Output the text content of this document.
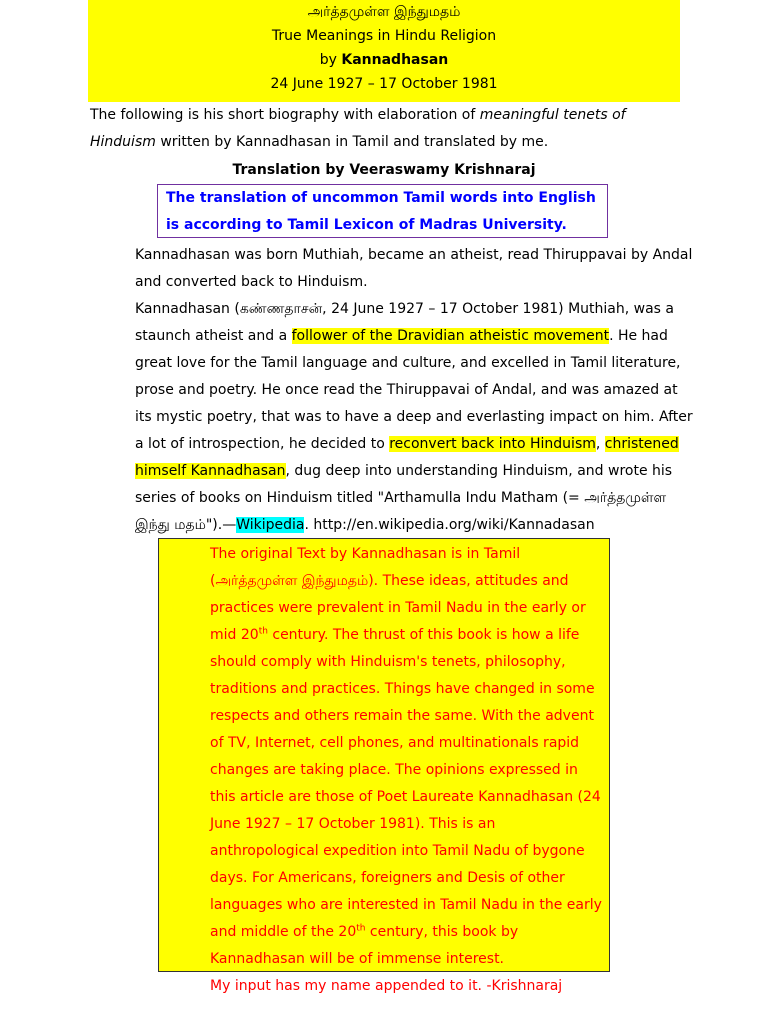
அர்த்தமுள்ள இந்துமதம்
True Meanings in Hindu Religion
by Kannadhasan
24 June 1927 – 17 October 1981
The following is his short biography with elaboration of meaningful tenets of Hinduism written by Kannadhasan in Tamil and translated by me.
Translation by Veeraswamy Krishnaraj
The translation of uncommon Tamil words into English is according to Tamil Lexicon of Madras University.
Kannadhasan was born Muthiah, became an atheist, read Thiruppavai by Andal and converted back to Hinduism.
Kannadhasan (கண்ணதாசன், 24 June 1927 – 17 October 1981) Muthiah, was a staunch atheist and a follower of the Dravidian atheistic movement. He had great love for the Tamil language and culture, and excelled in Tamil literature, prose and poetry. He once read the Thiruppavai of Andal, and was amazed at its mystic poetry, that was to have a deep and everlasting impact on him. After a lot of introspection, he decided to reconvert back into Hinduism, christened himself Kannadhasan, dug deep into understanding Hinduism, and wrote his series of books on Hinduism titled "Arthamulla Indu Matham (= அர்த்தமுள்ள இந்து மதம்").—Wikipedia. http://en.wikipedia.org/wiki/Kannadasan
The original Text by Kannadhasan is in Tamil (அர்த்தமுள்ள இந்துமதம்). These ideas, attitudes and practices were prevalent in Tamil Nadu in the early or mid 20th century. The thrust of this book is how a life should comply with Hinduism's tenets, philosophy, traditions and practices. Things have changed in some respects and others remain the same. With the advent of TV, Internet, cell phones, and multinationals rapid changes are taking place. The opinions expressed in this article are those of Poet Laureate Kannadhasan (24 June 1927 – 17 October 1981). This is an anthropological expedition into Tamil Nadu of bygone days. For Americans, foreigners and Desis of other languages who are interested in Tamil Nadu in the early and middle of the 20th century, this book by Kannadhasan will be of immense interest.
My input has my name appended to it. -Krishnaraj
